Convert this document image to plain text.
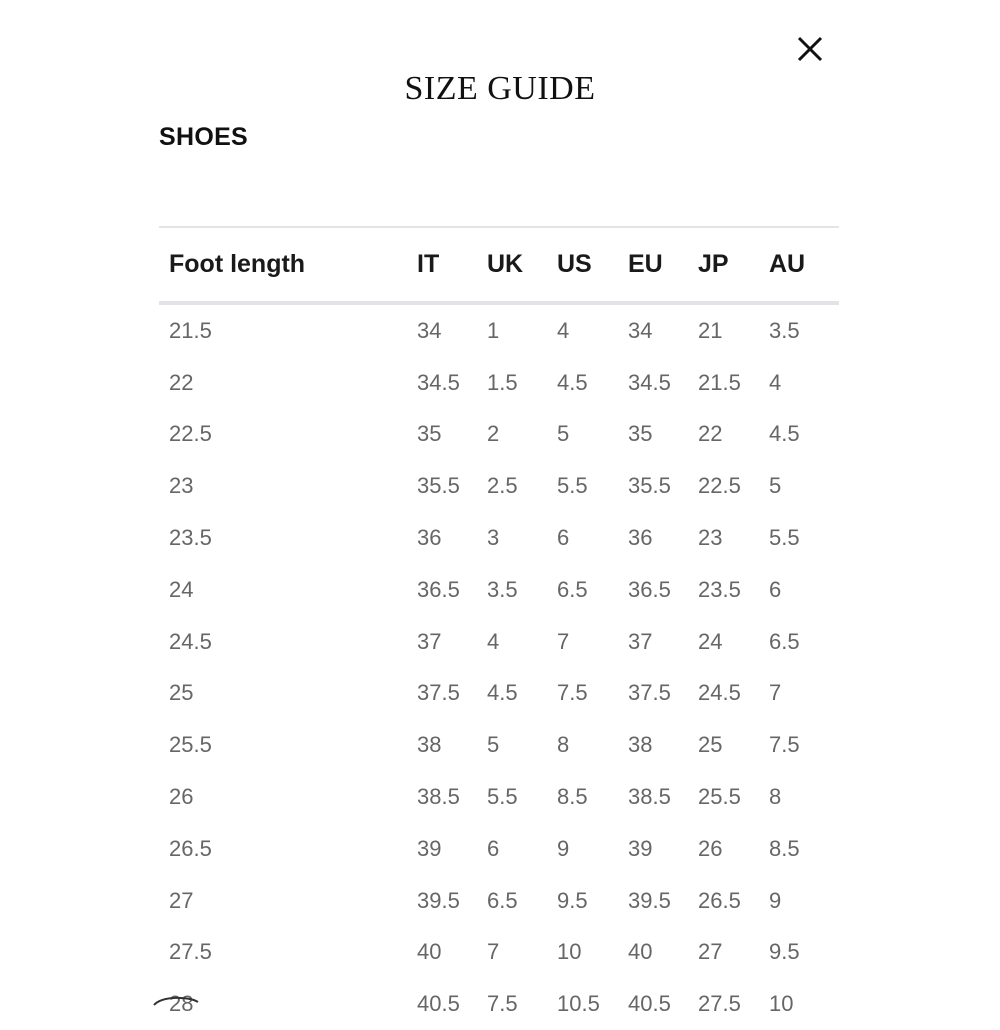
SIZE GUIDE
SHOES
Foot length	IT	UK	US	EU	JP	AU
21.5	34	1	4	34	21	3.5
22	34.5	1.5	4.5	34.5	21.5	4
22.5	35	2	5	35	22	4.5
23	35.5	2.5	5.5	35.5	22.5	5
23.5	36	3	6	36	23	5.5
24	36.5	3.5	6.5	36.5	23.5	6
24.5	37	4	7	37	24	6.5
25	37.5	4.5	7.5	37.5	24.5	7
25.5	38	5	8	38	25	7.5
26	38.5	5.5	8.5	38.5	25.5	8
26.5	39	6	9	39	26	8.5
27	39.5	6.5	9.5	39.5	26.5	9
27.5	40	7	10	40	27	9.5
28	40.5	7.5	10.5	40.5	27.5	10
